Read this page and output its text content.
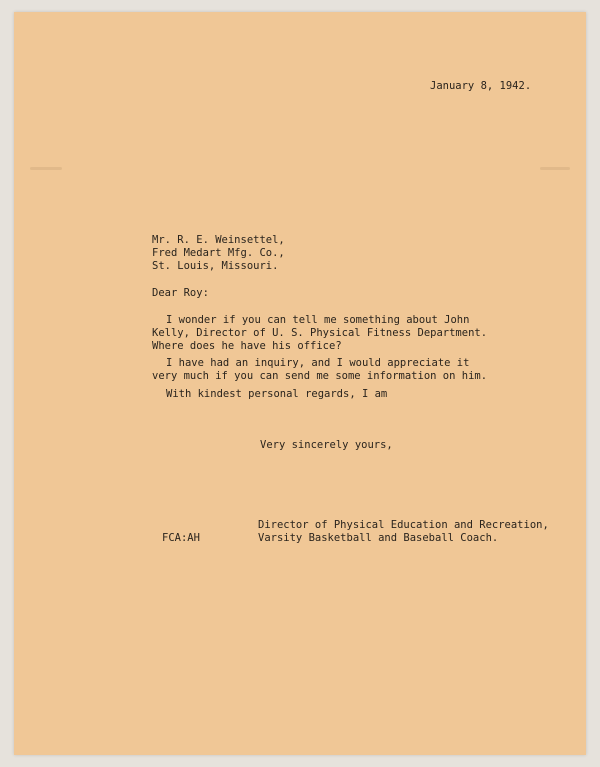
January 8, 1942.
Mr. R. E. Weinsettel,
Fred Medart Mfg. Co.,
St. Louis, Missouri.
Dear Roy:
I wonder if you can tell me something about John
Kelly, Director of U. S. Physical Fitness Department.
Where does he have his office?
I have had an inquiry, and I would appreciate it
very much if you can send me some information on him.
With kindest personal regards, I am
Very sincerely yours,
Director of Physical Education and Recreation,
Varsity Basketball and Baseball Coach.
FCA:AH
